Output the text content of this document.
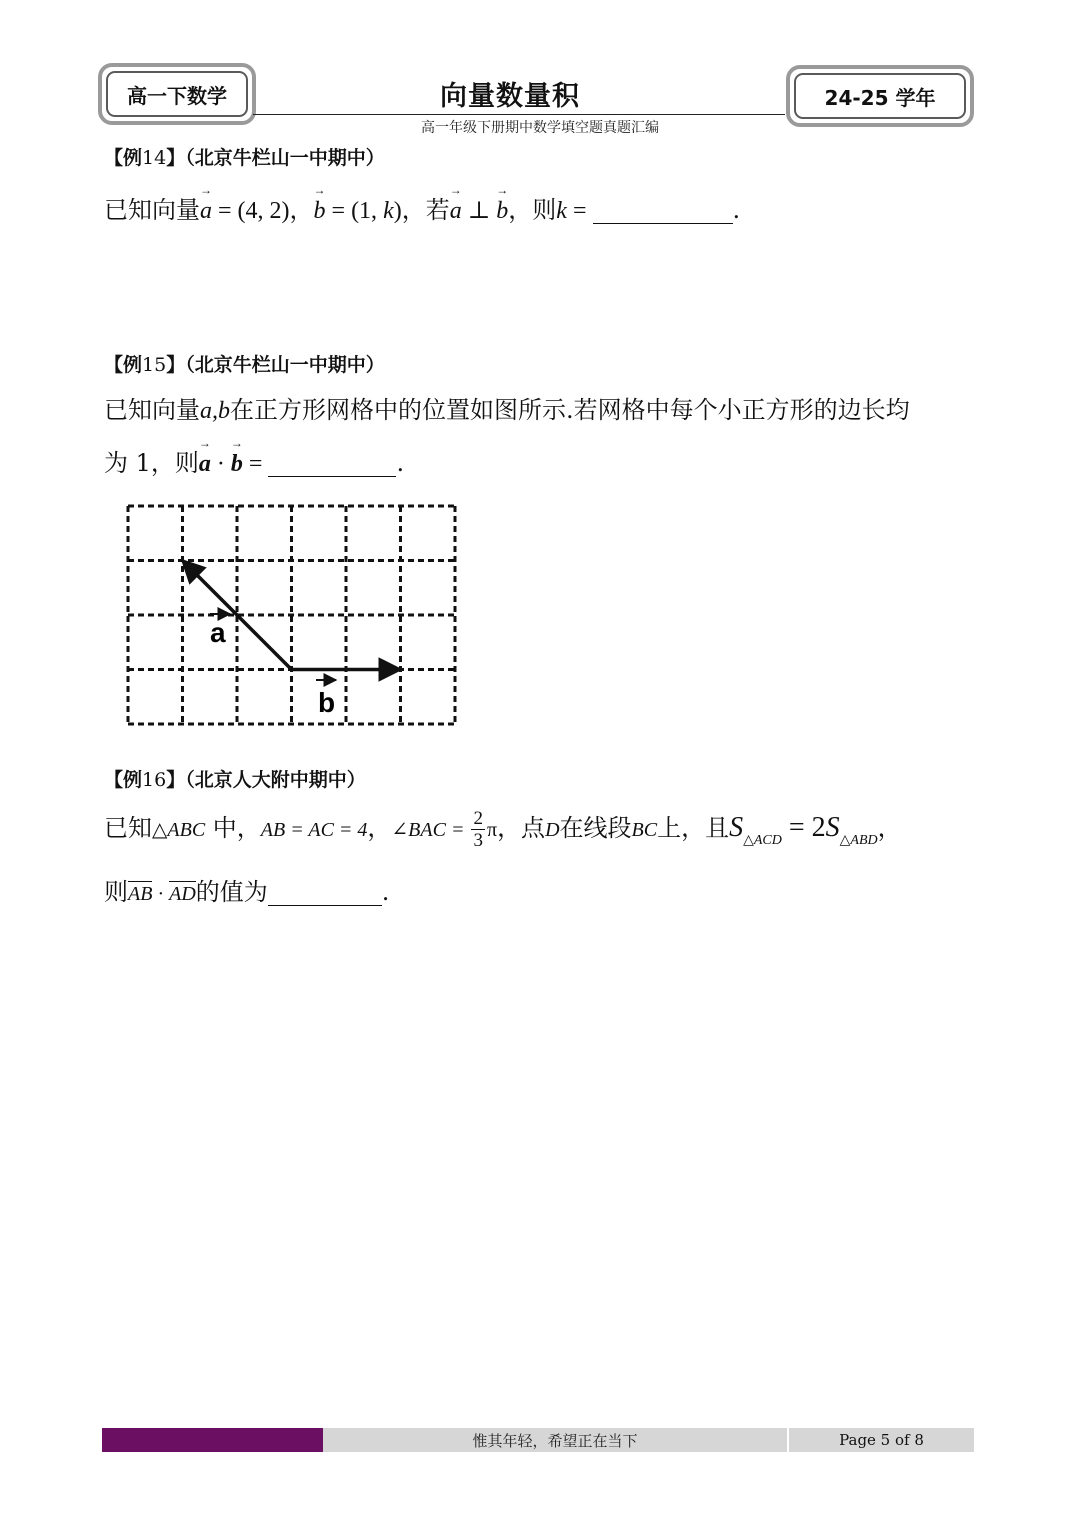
高一下数学	向量数量积	24-25 学年
高一年级下册期中数学填空题真题汇编
【例14】（北京牛栏山一中期中）
已知向量→ a = (4, 2)，→ b = (1, k)，若→ a ⊥ → b，则k =	.
【例15】（北京牛栏山一中期中）
已知向量a,b在正方形网格中的位置如图所示.若网格中每个小正方形的边长均
为 1，则→ a · → b =	.
a
b
【例16】（北京人大附中期中）
已知△ABC 中，AB = AC = 4，∠BAC = $\frac{2}{3}$ π，点D在线段BC上，且$S_{\triangle ACD} = 2S_{\triangle ABD}$，
则AB · AD的值为	.
惟其年轻，希望正在当下	Page 5 of 8
